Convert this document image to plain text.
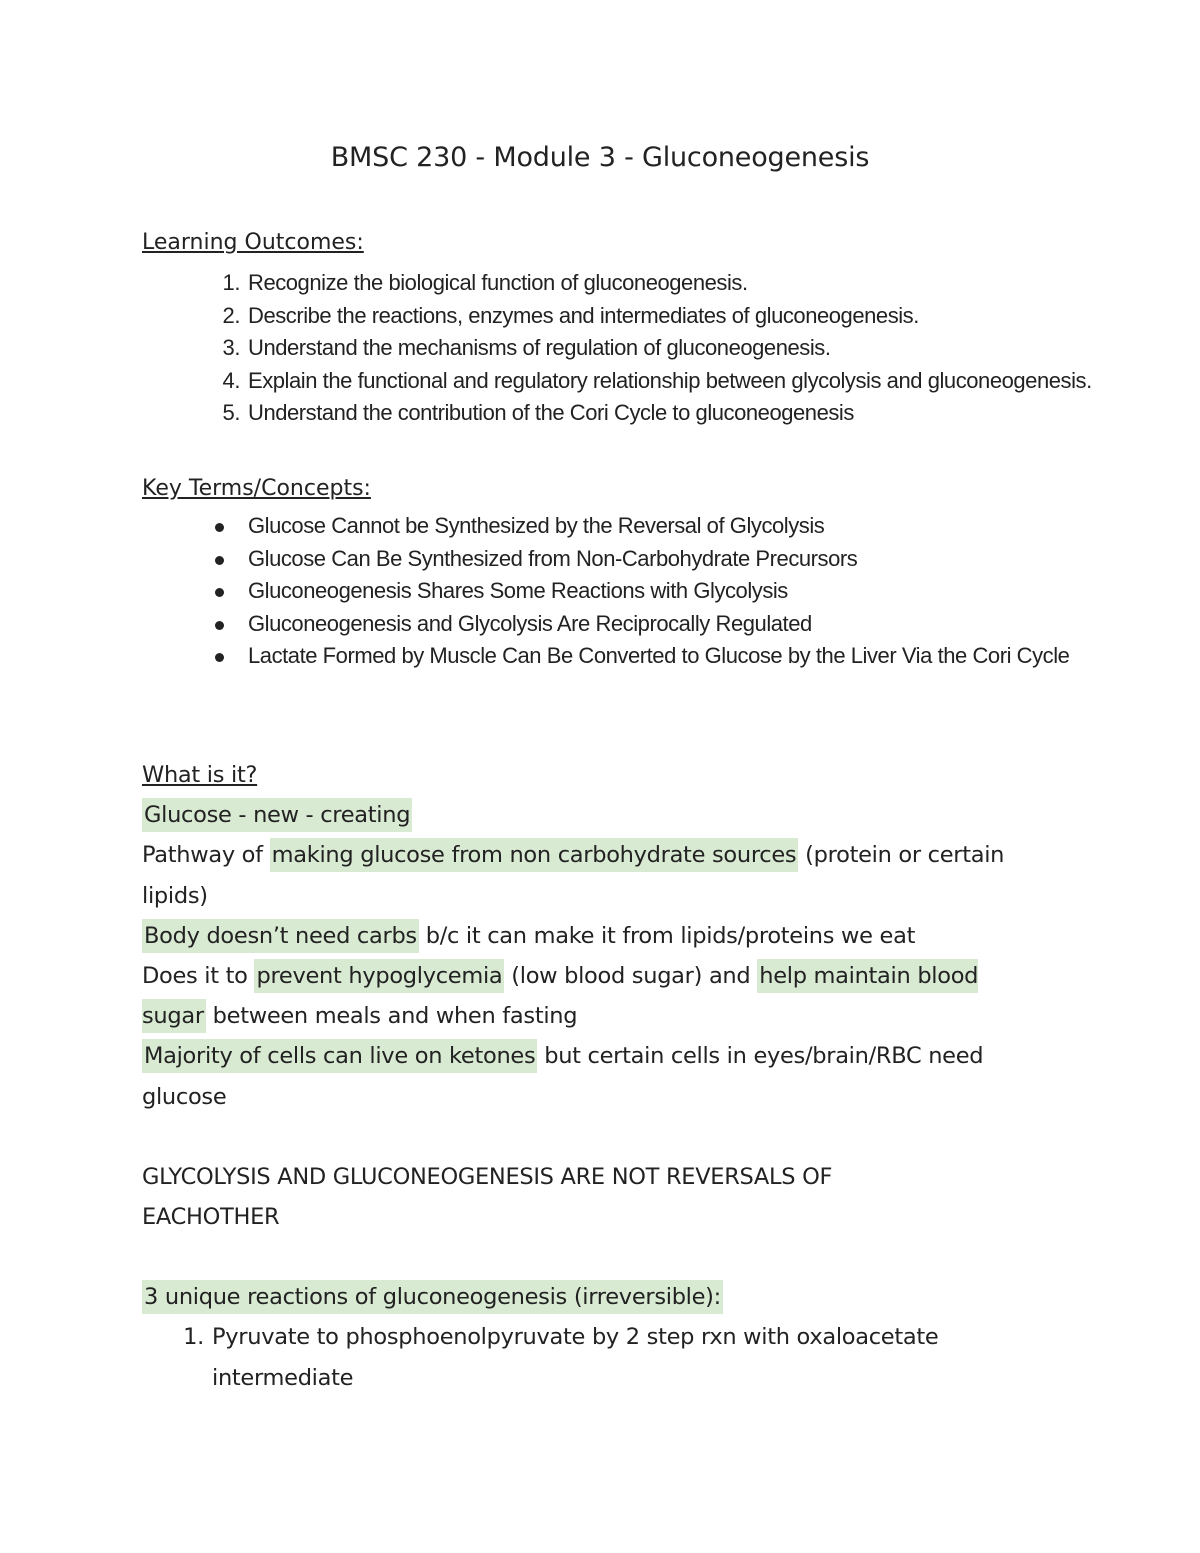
BMSC 230 - Module 3 - Gluconeogenesis
Learning Outcomes:
1. Recognize the biological function of gluconeogenesis.
2. Describe the reactions, enzymes and intermediates of gluconeogenesis.
3. Understand the mechanisms of regulation of gluconeogenesis.
4. Explain the functional and regulatory relationship between glycolysis and gluconeogenesis.
5. Understand the contribution of the Cori Cycle to gluconeogenesis
Key Terms/Concepts:
Glucose Cannot be Synthesized by the Reversal of Glycolysis
Glucose Can Be Synthesized from Non-Carbohydrate Precursors
Gluconeogenesis Shares Some Reactions with Glycolysis
Gluconeogenesis and Glycolysis Are Reciprocally Regulated
Lactate Formed by Muscle Can Be Converted to Glucose by the Liver Via the Cori Cycle

What is it?

Glucose - new - creating

Pathway of making glucose from non carbohydrate sources (protein or certain lipids)

Body doesn’t need carbs b/c it can make it from lipids/proteins we eat

Does it to prevent hypoglycemia (low blood sugar) and help maintain blood sugar between meals and when fasting

Majority of cells can live on ketones but certain cells in eyes/brain/RBC need glucose

GLYCOLYSIS AND GLUCONEOGENESIS ARE NOT REVERSALS OF EACHOTHER

3 unique reactions of gluconeogenesis (irreversible):

1. Pyruvate to phosphoenolpyruvate by 2 step rxn with oxaloacetate intermediate
